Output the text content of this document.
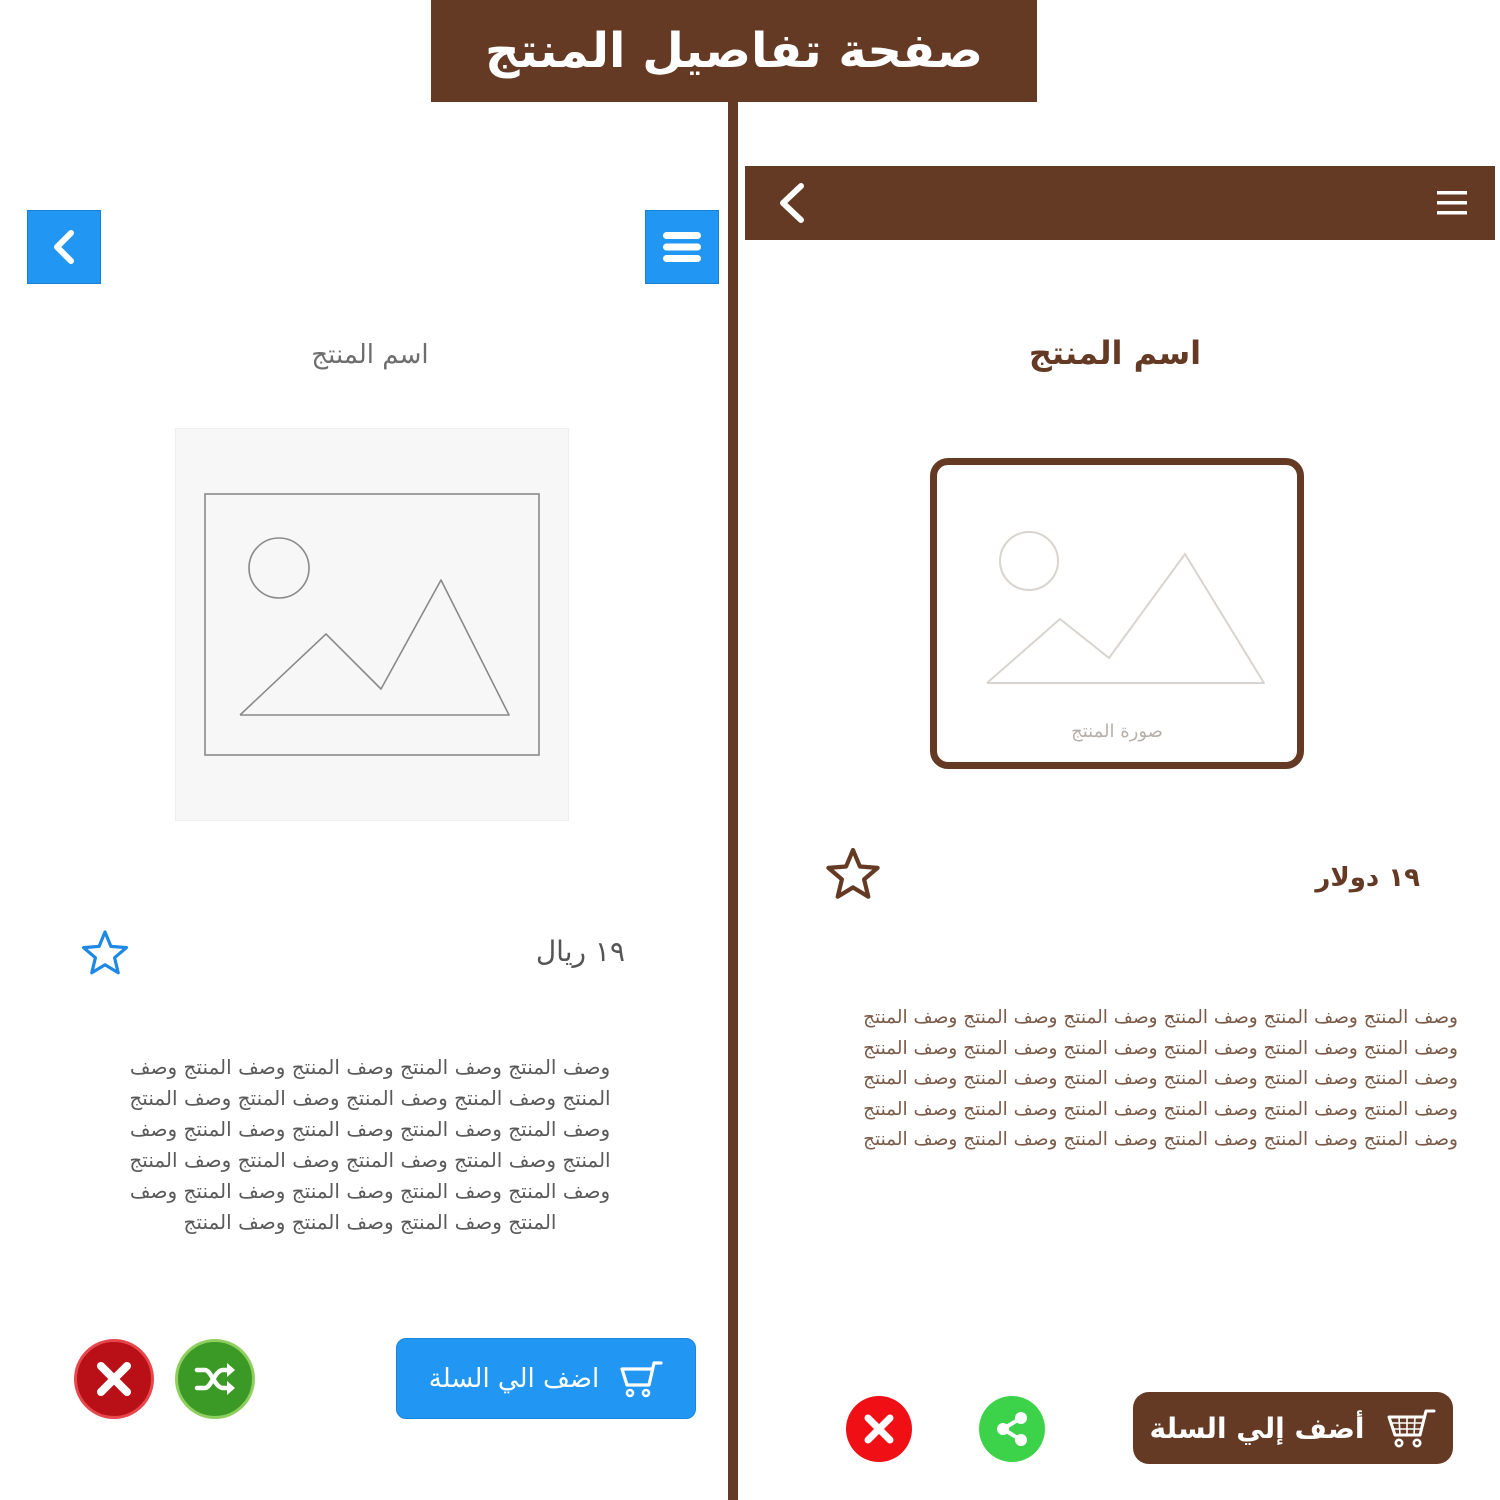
صفحة تفاصيل المنتج
اسم المنتج
١٩ ريال
وصف المنتج وصف المنتج وصف المنتج وصف المنتج وصف
المنتج وصف المنتج وصف المنتج وصف المنتج وصف المنتج
وصف المنتج وصف المنتج وصف المنتج وصف المنتج وصف
المنتج وصف المنتج وصف المنتج وصف المنتج وصف المنتج
وصف المنتج وصف المنتج وصف المنتج وصف المنتج وصف
المنتج وصف المنتج وصف المنتج وصف المنتج
اضف الي السلة
اسم المنتج
صورة المنتج
١٩ دولار
وصف المنتج وصف المنتج وصف المنتج وصف المنتج وصف المنتج وصف المنتج
وصف المنتج وصف المنتج وصف المنتج وصف المنتج وصف المنتج وصف المنتج
وصف المنتج وصف المنتج وصف المنتج وصف المنتج وصف المنتج وصف المنتج
وصف المنتج وصف المنتج وصف المنتج وصف المنتج وصف المنتج وصف المنتج
وصف المنتج وصف المنتج وصف المنتج وصف المنتج وصف المنتج وصف المنتج
أضف إلي السلة
